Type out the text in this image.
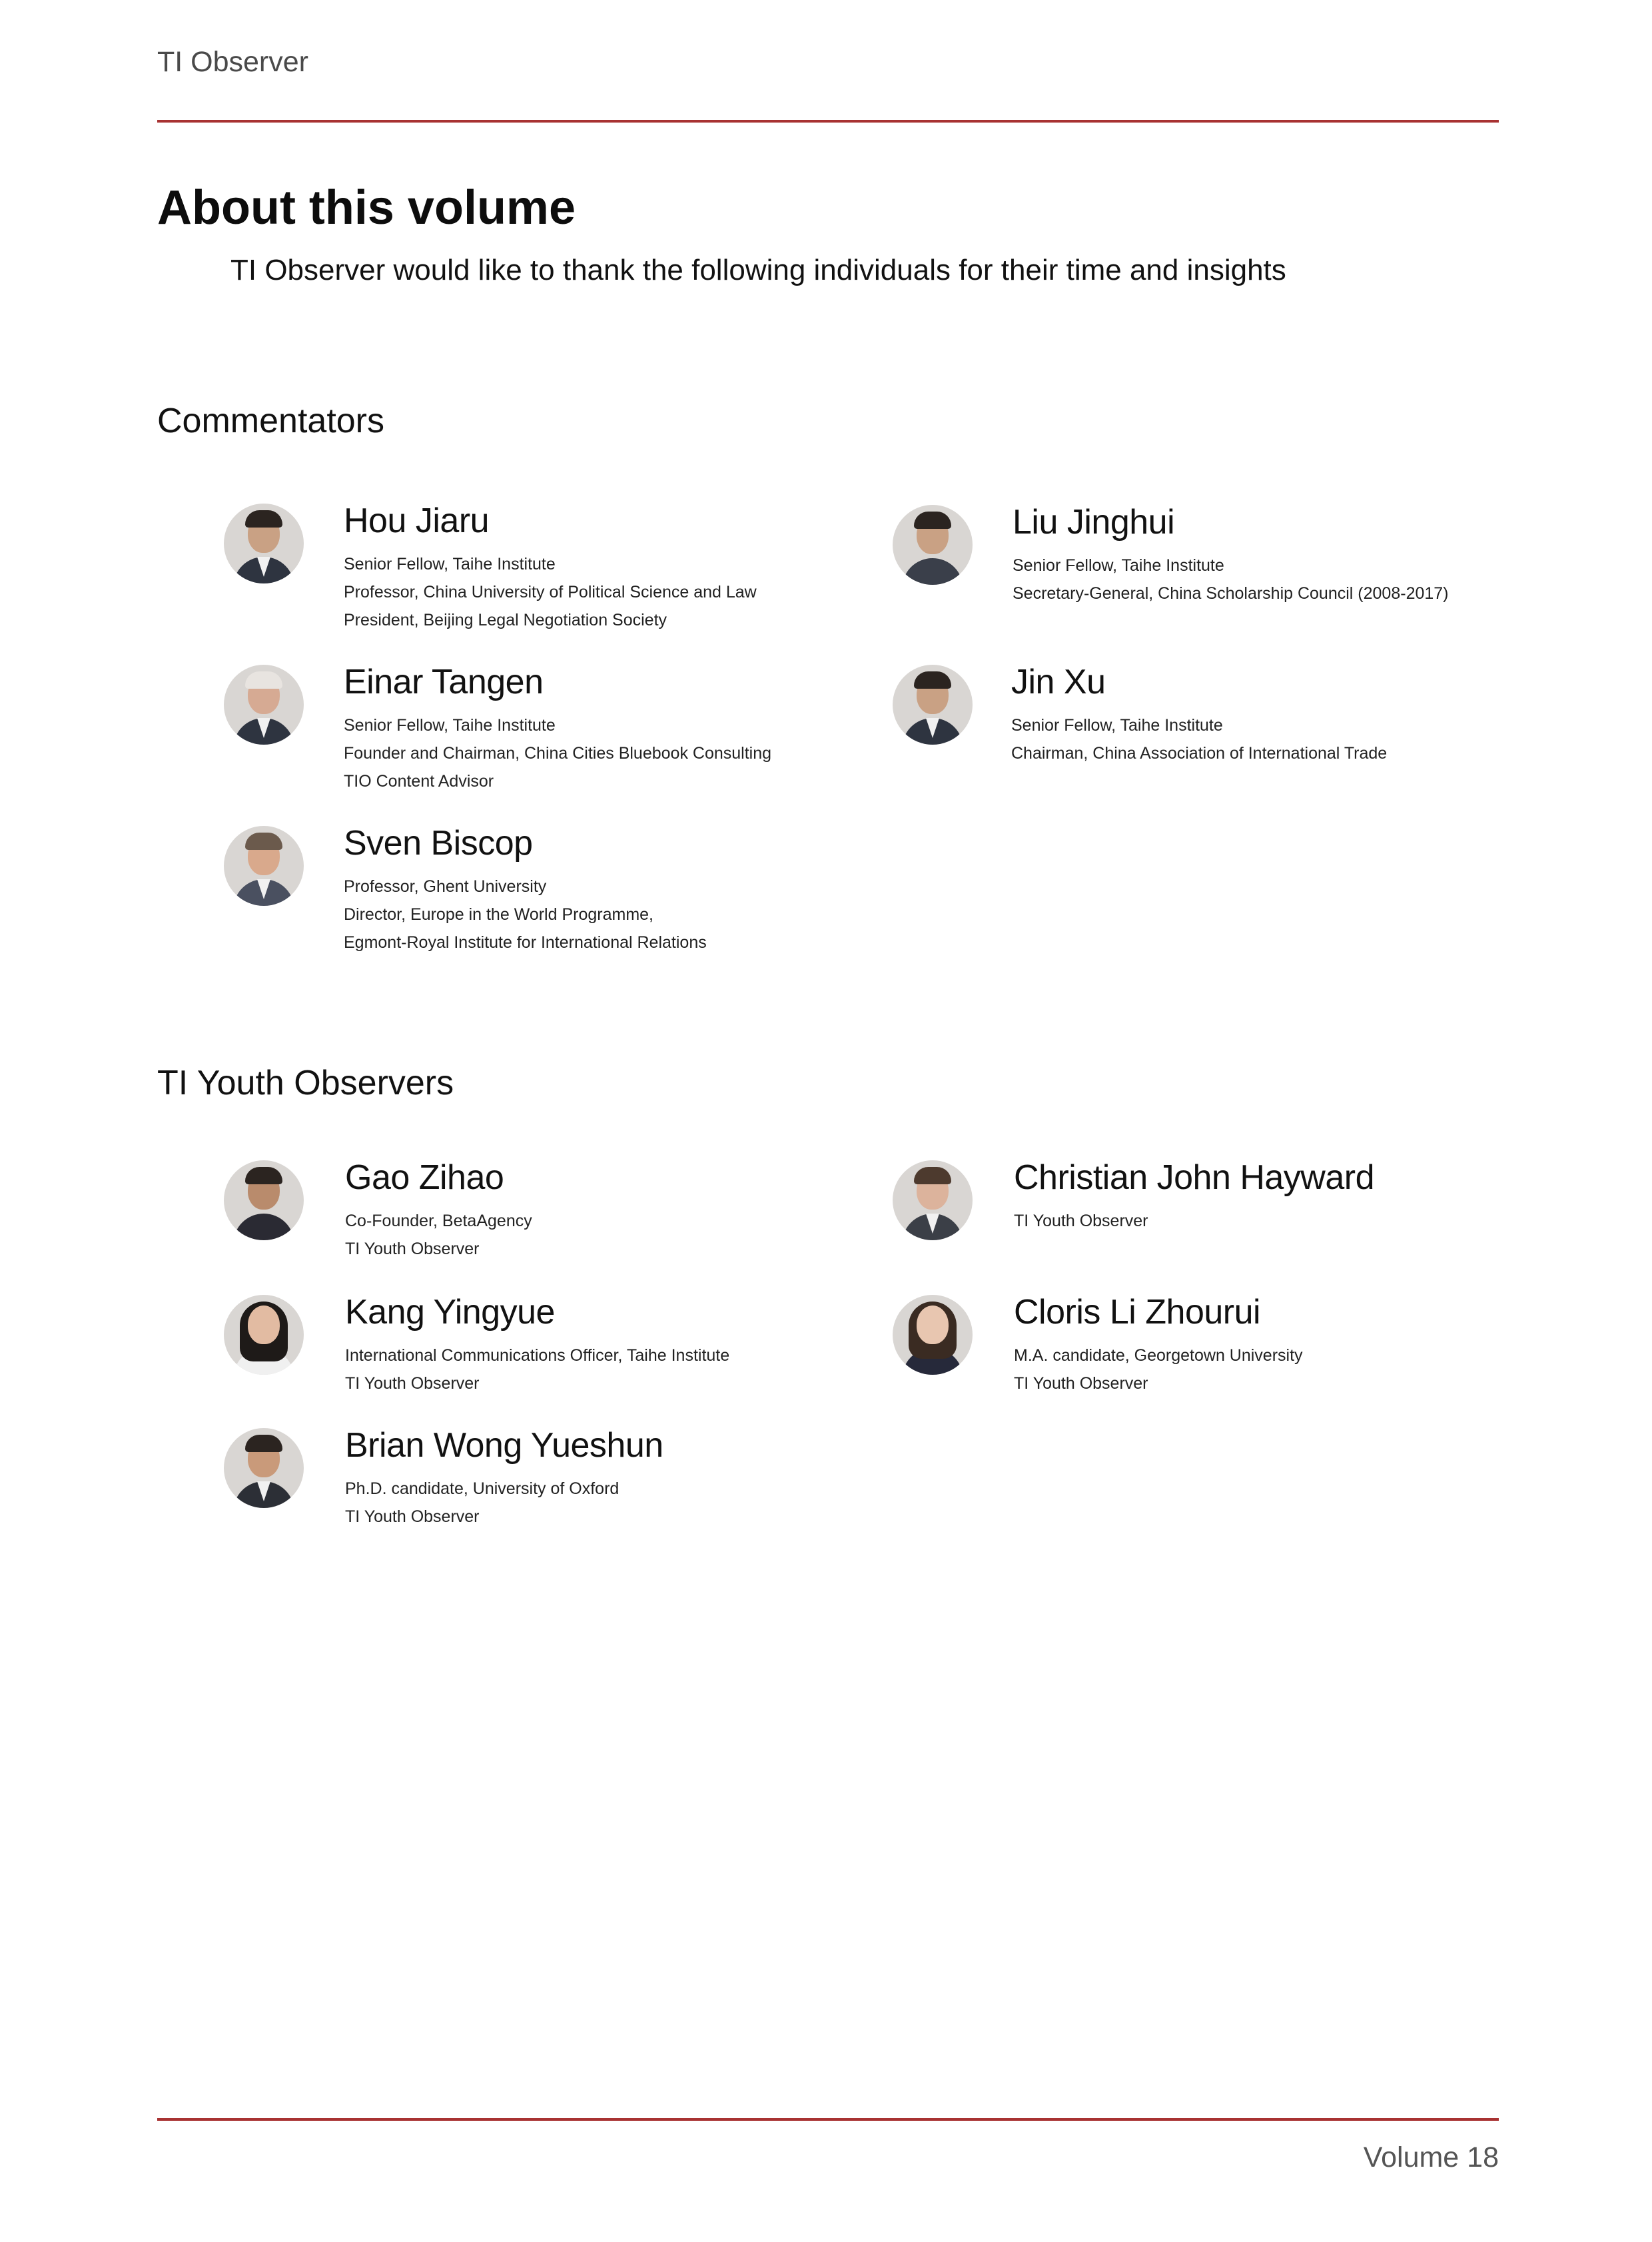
TI Observer
About this volume
TI Observer would like to thank the following individuals for their time and insights
Commentators
Hou Jiaru
Senior Fellow, Taihe Institute
Professor, China University of Political Science and Law
President, Beijing Legal Negotiation Society
Liu Jinghui
Senior Fellow, Taihe Institute
Secretary-General, China Scholarship Council (2008-2017)
Einar Tangen
Senior Fellow, Taihe Institute
Founder and Chairman, China Cities Bluebook Consulting
TIO Content Advisor
Jin Xu
Senior Fellow, Taihe Institute
Chairman, China Association of International Trade
Sven Biscop
Professor, Ghent University
Director, Europe in the World Programme,
Egmont-Royal Institute for International Relations
TI Youth Observers
Gao Zihao
Co-Founder, BetaAgency
TI Youth Observer
Christian John Hayward
TI Youth Observer
Kang Yingyue
International Communications Officer, Taihe Institute
TI Youth Observer
Cloris Li Zhourui
M.A. candidate, Georgetown University
TI Youth Observer
Brian Wong Yueshun
Ph.D. candidate, University of Oxford
TI Youth Observer
Volume 18
